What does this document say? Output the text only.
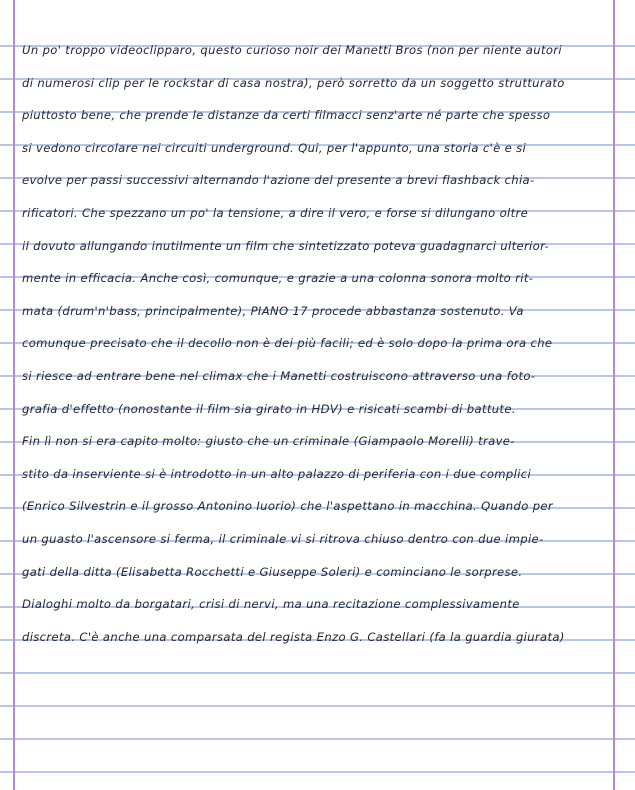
Un po' troppo videoclipparo, questo curioso noir dei Manetti Bros (non per niente autori
di numerosi clip per le rockstar di casa nostra), però sorretto da un soggetto strutturato
piuttosto bene, che prende le distanze da certi filmacci senz'arte né parte che spesso
si vedono circolare nei circuiti underground. Qui, per l'appunto, una storia c'è e si
evolve per passi successivi alternando l'azione del presente a brevi flashback chia-
rificatori. Che spezzano un po' la tensione, a dire il vero, e forse si dilungano oltre
il dovuto allungando inutilmente un film che sintetizzato poteva guadagnarci ulterior-
mente in efficacia. Anche così, comunque, e grazie a una colonna sonora molto rit-
mata (drum'n'bass, principalmente), PIANO 17 procede abbastanza sostenuto. Va
comunque precisato che il decollo non è dei più facili; ed è solo dopo la prima ora che
si riesce ad entrare bene nel climax che i Manetti costruiscono attraverso una foto-
grafia d'effetto (nonostante il film sia girato in HDV) e risicati scambi di battute.
Fin lì non si era capito molto: giusto che un criminale (Giampaolo Morelli) trave-
stito da inserviente si è introdotto in un alto palazzo di periferia con i due complici
(Enrico Silvestrin e il grosso Antonino Iuorio) che l'aspettano in macchina. Quando per
un guasto l'ascensore si ferma, il criminale vi si ritrova chiuso dentro con due impie-
gati della ditta (Elisabetta Rocchetti e Giuseppe Soleri) e cominciano le sorprese.
Dialoghi molto da borgatari, crisi di nervi, ma una recitazione complessivamente
discreta. C'è anche una comparsata del regista Enzo G. Castellari (fa la guardia giurata)
